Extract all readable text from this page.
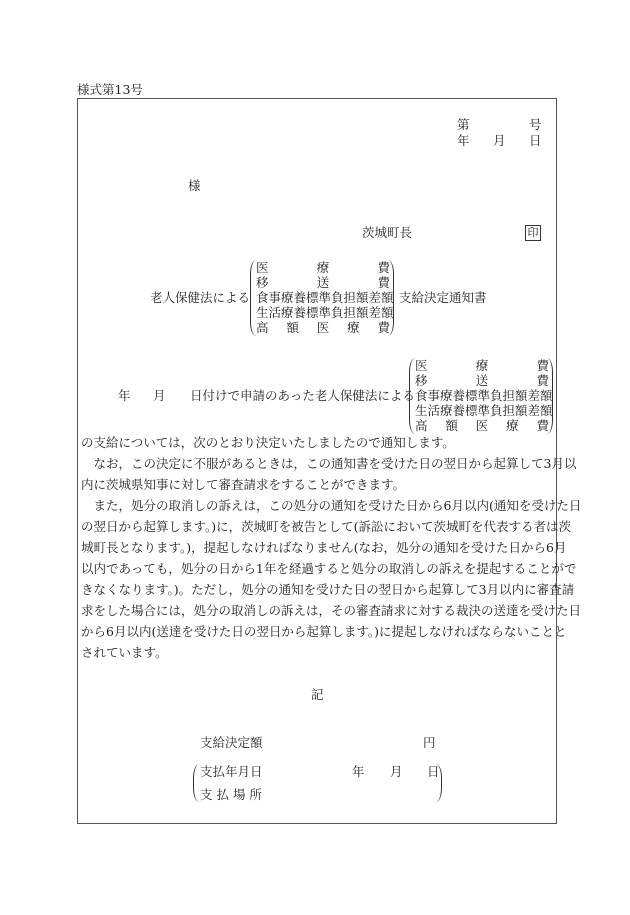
様式第13号
第	号
年 月 日
様
茨城町長	印
老人保健法による
医	療	費
移	送	費
食事療養標準負担額差額
生活療養標準負担額差額
高 額 医 療 費
支給決定通知書
年 月 日付けで申請のあった老人保健法による
医	療	費
移	送	費
食事療養標準負担額差額
生活療養標準負担額差額
高 額 医 療 費
の支給については，次のとおり決定いたしましたので通知します。
　なお，この決定に不服があるときは，この通知書を受けた日の翌日から起算して3月以
内に茨城県知事に対して審査請求をすることができます。
　また，処分の取消しの訴えは，この処分の通知を受けた日から6月以内(通知を受けた日
の翌日から起算します。)に，茨城町を被告として(訴訟において茨城町を代表する者は茨
城町長となります。)，提起しなければなりません(なお，処分の通知を受けた日から6月
以内であっても，処分の日から1年を経過すると処分の取消しの訴えを提起することがで
きなくなります。)。ただし，処分の通知を受けた日の翌日から起算して3月以内に審査請
求をした場合には，処分の取消しの訴えは，その審査請求に対する裁決の送達を受けた日
から6月以内(送達を受けた日の翌日から起算します。)に提起しなければならないことと
されています。
記
支給決定額	円
支払年月日	年 月 日
支 払 場 所
